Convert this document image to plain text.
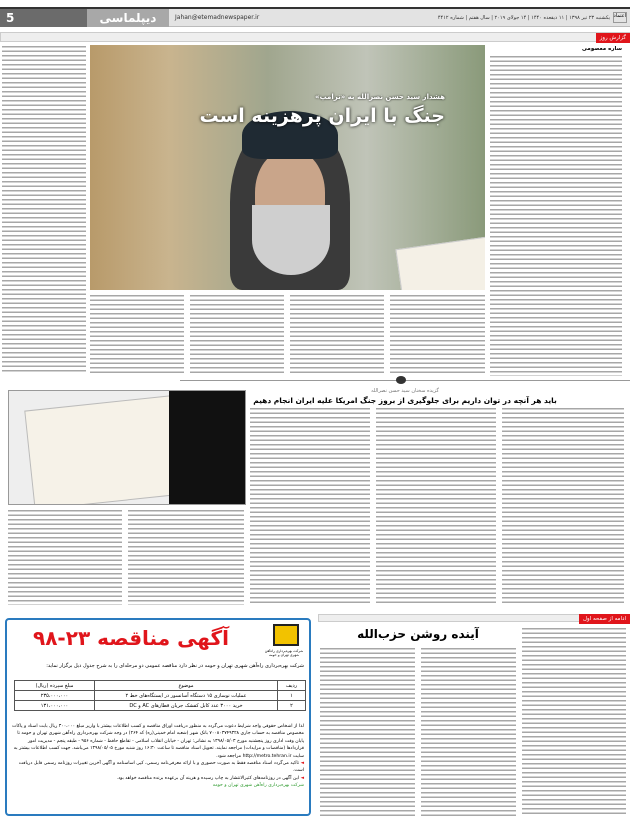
5	دیپلماسی	Jahan@etemadnewspaper.ir	یکشنبه ۲۳ تیر ۱۳۹۸ | ۱۱ ذیقعده ۱۴۴۰ | ۱۴ جولای ۲۰۱۹ | سال هفتم | شماره ۴۴۱۲ اعتماد
گزارش روز
ساره معصومی
هشدار سید حسن نصرالله به «ترامپ»
جنگ با ایران پرهزینه است
گزیده سخنان سید حسن نصرالله
باید هر آنچه در توان داریم برای جلوگیری از بروز جنگ امریکا علیه ایران انجام دهیم
شرکت بهره‌برداری راه‌آهن شهری تهران و حومه
آگهی مناقصه ۲۳-۹۸
شرکت بهره‌برداری راه‌آهن شهری تهران و حومه در نظر دارد مناقصه عمومی دو مرحله‌ای را به شرح جدول ذیل برگزار نماید:
ردیف	موضوع	مبلغ سپرده (ریال)
۱	عملیات نوسازی ۱۵ دستگاه آسانسور در ایستگاه‌های خط ۲	۲۳۵،۰۰۰،۰۰۰
۲	خرید ۳۰۰۰ عدد کابل کفشک جریان قطارهای AC و DC	۱۳۱،۰۰۰،۰۰۰
لذا از اشخاص حقوقی واجد شرایط دعوت می‌گردد به منظور دریافت اوراق مناقصه و کسب اطلاعات بیشتر با واریز مبلغ ۳۰۰،۰۰۰ ریال بابت اسناد و پاکات مخصوص مناقصه به حساب جاری ۷۰۰۸۰۳۷۴۹۳۲۸ بانک شهر (شعبه امام خمینی(ره) کد ۲۶۴) در وجه شرکت بهره‌برداری راه‌آهن شهری تهران و حومه تا پایان وقت اداری روز پنجشنبه مورخ ۱۳۹۸/۰۵/۰۳ به نشانی: تهران - خیابان انقلاب اسلامی - تقاطع حافظ - شماره ۹۵۶ - طبقه پنجم - مدیریت امور قراردادها (مناقصات و مزایدات) مراجعه نمایند. تحویل اسناد مناقصه تا ساعت ۱۶:۳۰ روز شنبه مورخ ۱۳۹۸/۰۵/۰۵ می‌باشد. جهت کسب اطلاعات بیشتر به سایت http://metro.tehran.ir مراجعه شود.
◄ تاکید می‌گردد اسناد مناقصه فقط به صورت حضوری و با ارائه معرفی‌نامه رسمی، کپی اساسنامه و آگهی آخرین تغییرات روزنامه رسمی قابل دریافت است.
◄ این آگهی در روزنامه‌های کثیرالانتشار به چاپ رسیده و هزینه آن برعهده برنده مناقصه خواهد بود.
شرکت بهره‌برداری راه‌آهن شهری تهران و حومه
ادامه از صفحه اول
آینده روشن حزب‌الله
